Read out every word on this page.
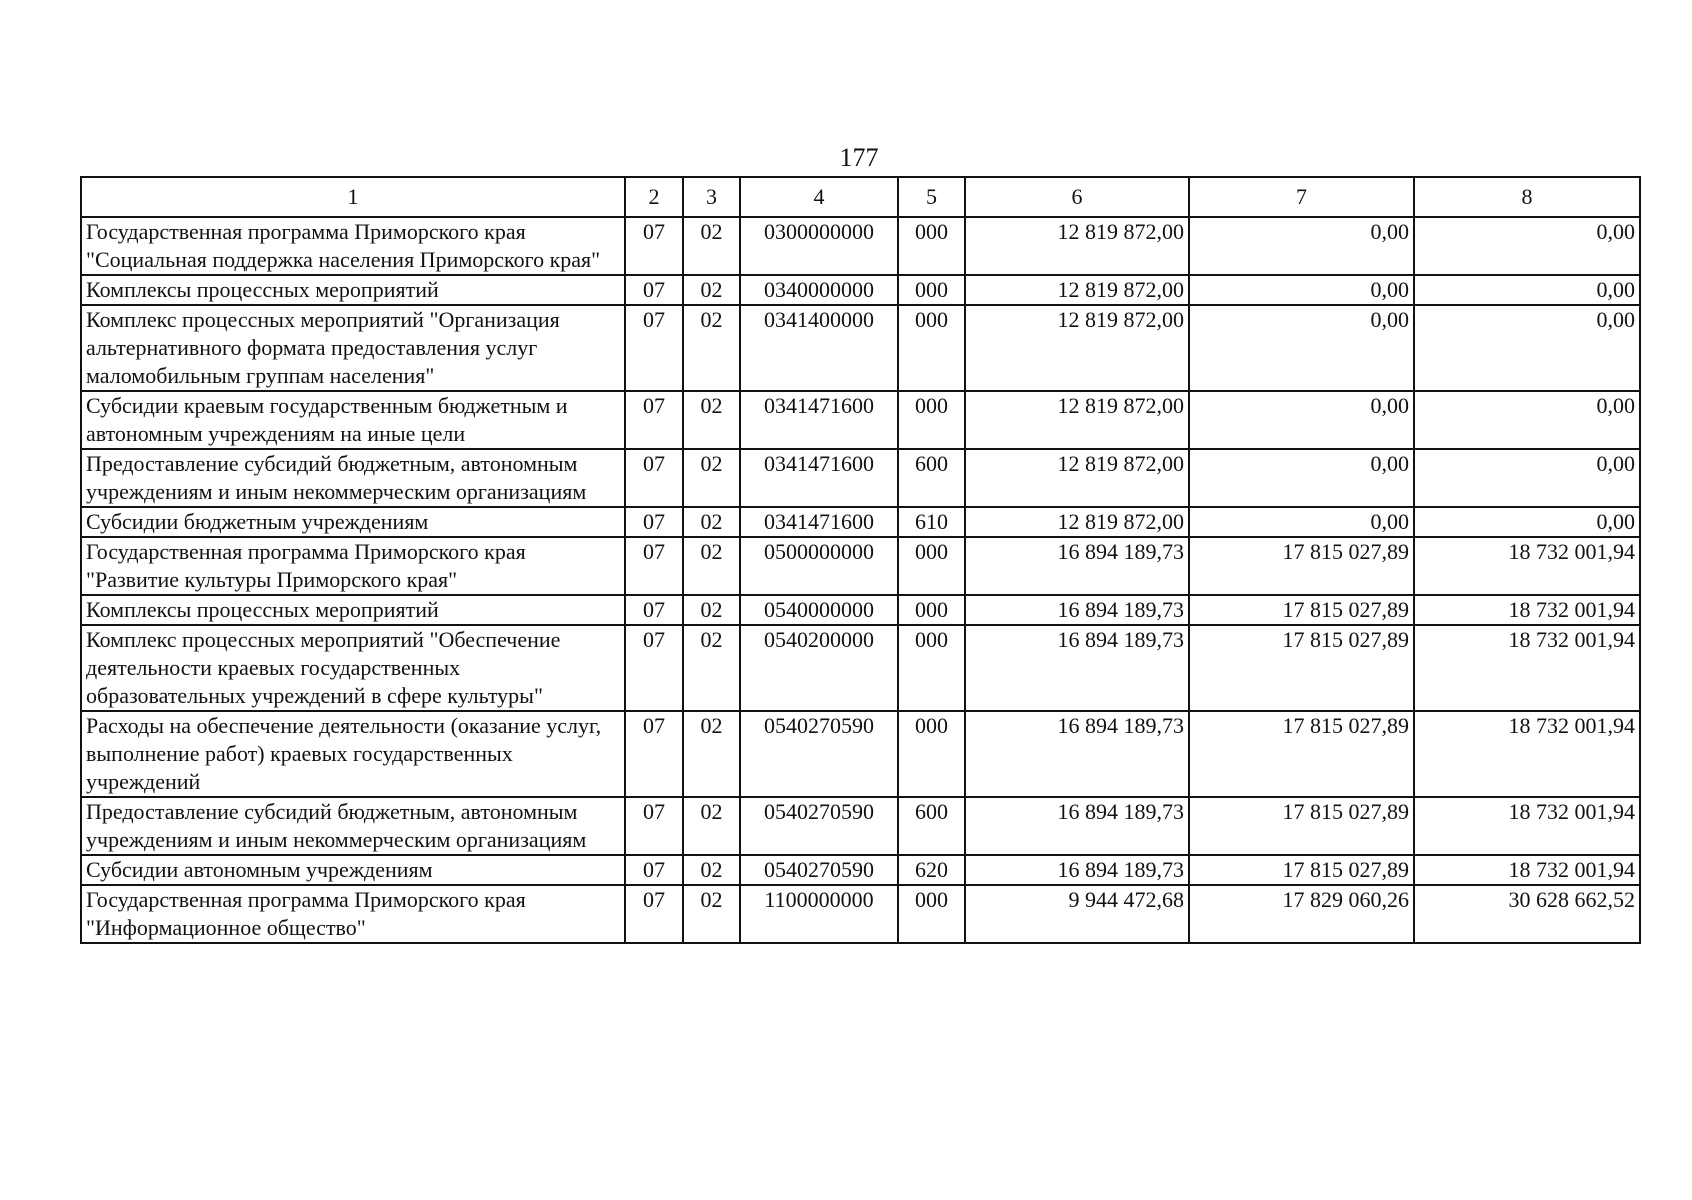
177
1	2	3	4	5	6	7	8
Государственная программа Приморского края "Социальная поддержка населения Приморского края"	07	02	0300000000	000	12 819 872,00	0,00	0,00
Комплексы процессных мероприятий	07	02	0340000000	000	12 819 872,00	0,00	0,00
Комплекс процессных мероприятий "Организация альтернативного формата предоставления услуг маломобильным группам населения"	07	02	0341400000	000	12 819 872,00	0,00	0,00
Субсидии краевым государственным бюджетным и автономным учреждениям на иные цели	07	02	0341471600	000	12 819 872,00	0,00	0,00
Предоставление субсидий бюджетным, автономным учреждениям и иным некоммерческим организациям	07	02	0341471600	600	12 819 872,00	0,00	0,00
Субсидии бюджетным учреждениям	07	02	0341471600	610	12 819 872,00	0,00	0,00
Государственная программа Приморского края "Развитие культуры Приморского края"	07	02	0500000000	000	16 894 189,73	17 815 027,89	18 732 001,94
Комплексы процессных мероприятий	07	02	0540000000	000	16 894 189,73	17 815 027,89	18 732 001,94
Комплекс процессных мероприятий "Обеспечение деятельности краевых государственных образовательных учреждений в сфере культуры"	07	02	0540200000	000	16 894 189,73	17 815 027,89	18 732 001,94
Расходы на обеспечение деятельности (оказание услуг, выполнение работ) краевых государственных учреждений	07	02	0540270590	000	16 894 189,73	17 815 027,89	18 732 001,94
Предоставление субсидий бюджетным, автономным учреждениям и иным некоммерческим организациям	07	02	0540270590	600	16 894 189,73	17 815 027,89	18 732 001,94
Субсидии автономным учреждениям	07	02	0540270590	620	16 894 189,73	17 815 027,89	18 732 001,94
Государственная программа Приморского края "Информационное общество"	07	02	1100000000	000	9 944 472,68	17 829 060,26	30 628 662,52
